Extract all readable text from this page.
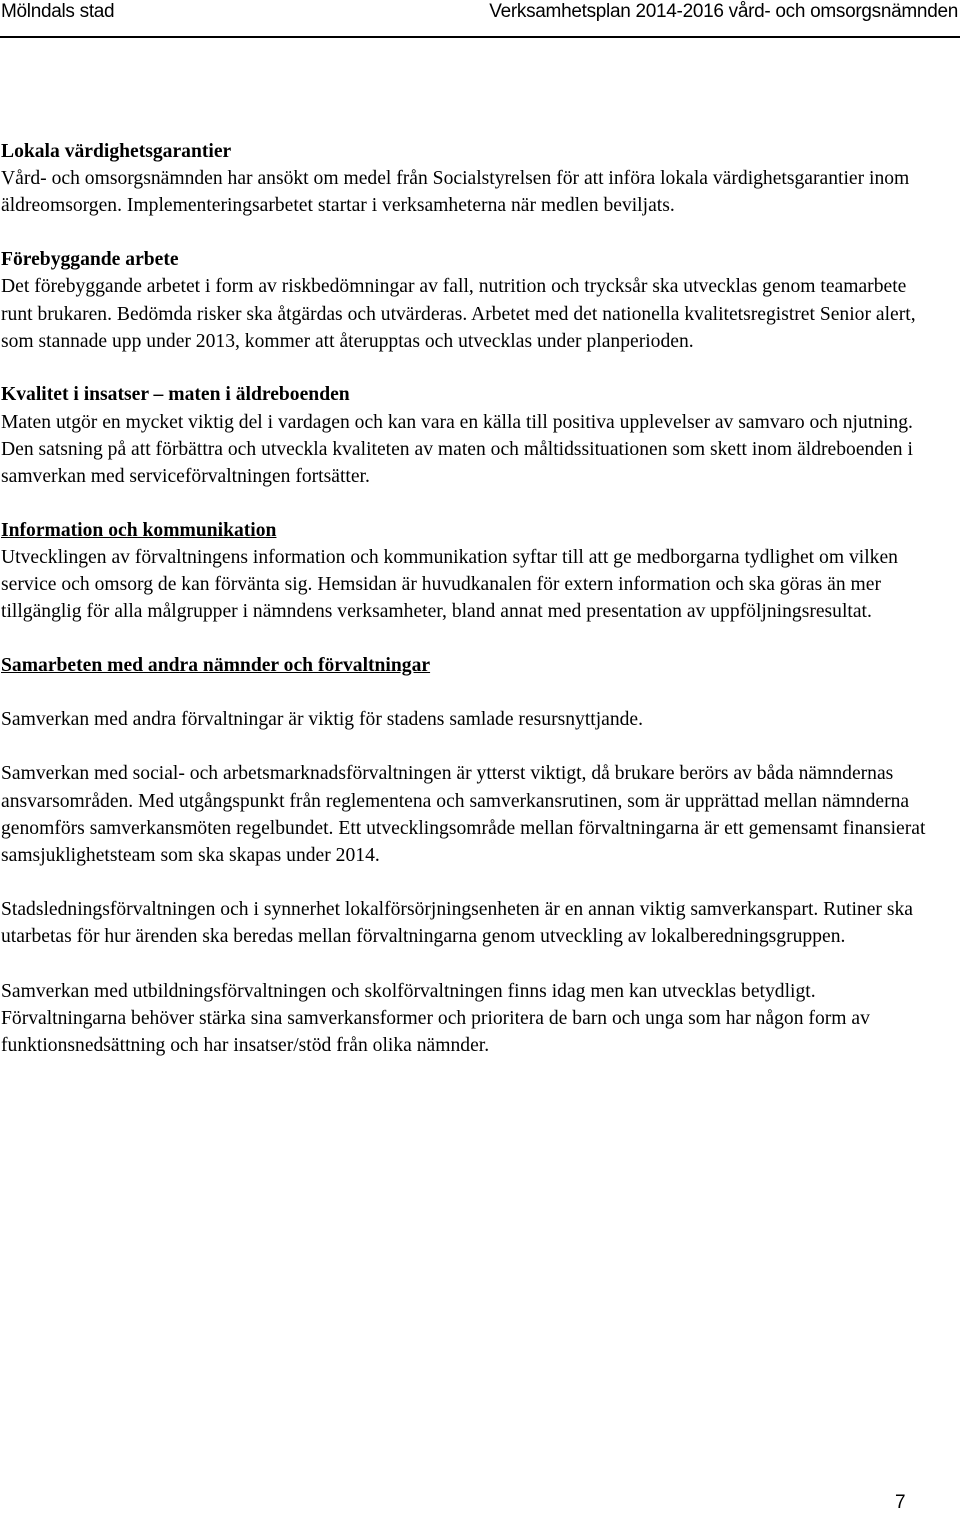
Mölndals stad	Verksamhetsplan 2014-2016 vård- och omsorgsnämnden

Lokala värdighetsgarantier

Vård- och omsorgsnämnden har ansökt om medel från Socialstyrelsen för att införa lokala värdighetsgarantier inom äldreomsorgen. Implementeringsarbetet startar i verksamheterna när medlen beviljats.

Förebyggande arbete

Det förebyggande arbetet i form av riskbedömningar av fall, nutrition och trycksår ska utvecklas genom teamarbete runt brukaren. Bedömda risker ska åtgärdas och utvärderas. Arbetet med det nationella kvalitetsregistret Senior alert, som stannade upp under 2013, kommer att återupptas och utvecklas under planperioden.

Kvalitet i insatser – maten i äldreboenden

Maten utgör en mycket viktig del i vardagen och kan vara en källa till positiva upplevelser av samvaro och njutning. Den satsning på att förbättra och utveckla kvaliteten av maten och måltidssituationen som skett inom äldreboenden i samverkan med serviceförvaltningen fortsätter.

Information och kommunikation

Utvecklingen av förvaltningens information och kommunikation syftar till att ge medborgarna tydlighet om vilken service och omsorg de kan förvänta sig. Hemsidan är huvudkanalen för extern information och ska göras än mer tillgänglig för alla målgrupper i nämndens verksamheter, bland annat med presentation av uppföljningsresultat.

Samarbeten med andra nämnder och förvaltningar

Samverkan med andra förvaltningar är viktig för stadens samlade resursnyttjande.

Samverkan med social- och arbetsmarknadsförvaltningen är ytterst viktigt, då brukare berörs av båda nämndernas ansvarsområden. Med utgångspunkt från reglementena och samverkansrutinen, som är upprättad mellan nämnderna genomförs samverkansmöten regelbundet. Ett utvecklingsområde mellan förvaltningarna är ett gemensamt finansierat samsjuklighetsteam som ska skapas under 2014.

Stadsledningsförvaltningen och i synnerhet lokalförsörjningsenheten är en annan viktig samverkanspart. Rutiner ska utarbetas för hur ärenden ska beredas mellan förvaltningarna genom utveckling av lokalberedningsgruppen.

Samverkan med utbildningsförvaltningen och skolförvaltningen finns idag men kan utvecklas betydligt. Förvaltningarna behöver stärka sina samverkansformer och prioritera de barn och unga som har någon form av funktionsnedsättning och har insatser/stöd från olika nämnder.

7
